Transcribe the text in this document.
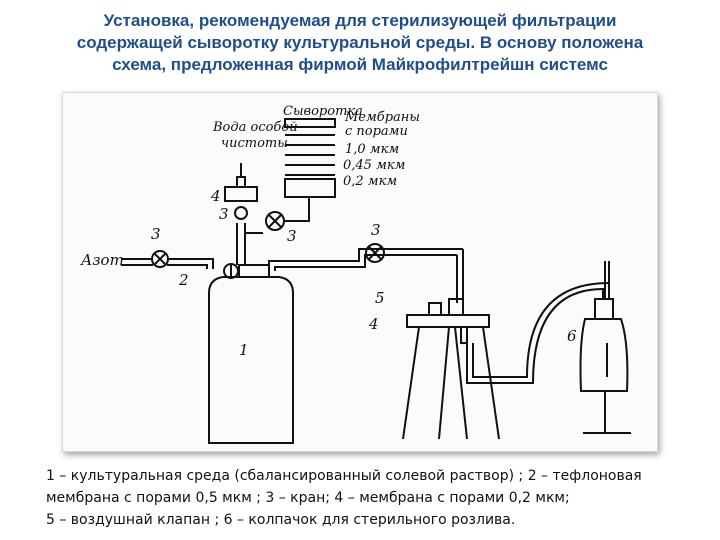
Установка, рекомендуемая для стерилизующей фильтрации
содержащей сыворотку культуральной среды. В основу положена
схема, предложенная фирмой Майкрофилтрейшн системс
Вода особой
чистоты
Сыворотка
Мембраны
с порами
1,0 мкм
0,45 мкм
0,2 мкм
Азот
1
2
3
3
3	3
4
4
5
6
1 – культуральная среда (сбалансированный солевой раствор) ; 2 – тефлоновая
мембрана с порами 0,5 мкм ; 3 – кран; 4 – мембрана с порами 0,2 мкм;
5 – воздушнай клапан ; 6 – колпачок для стерильного розлива.
